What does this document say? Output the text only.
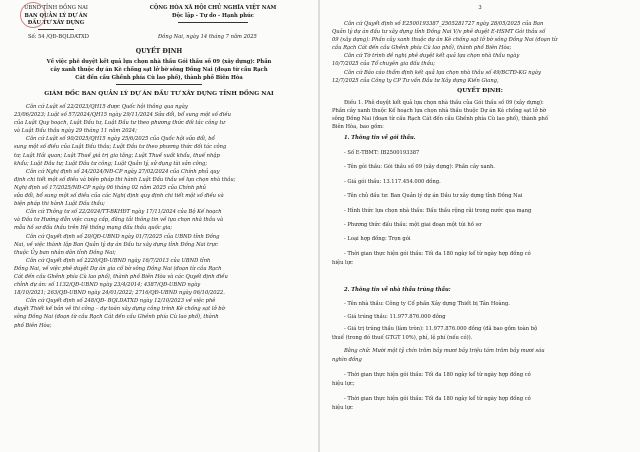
UBND TỈNH ĐỒNG NAI
BAN QUẢN LÝ DỰ ÁN
ĐẦU TƯ XÂY DỰNG
CỘNG HÒA XÃ HỘI CHỦ NGHĨA VIỆT NAM
Độc lập - Tự do - Hạnh phúc
Số: 54 /QĐ-BQLDATXD	Đồng Nai, ngày 14 tháng 7 năm 2025
QUYẾT ĐỊNH
Về việc phê duyệt kết quả lựa chọn nhà thầu Gói thầu số 09 (xây dựng): Phần
cây xanh thuộc dự án Kè chống sạt lở bờ sông Đồng Nai (đoạn từ cầu Rạch
Cát đến cầu Ghềnh phía Cù lao phố), thành phố Biên Hòa
GIÁM ĐỐC BAN QUẢN LÝ DỰ ÁN ĐẦU TƯ XÂY DỰNG TỈNH ĐỒNG NAI
Căn cứ Luật số 22/2023/QH15 được Quốc hội thông qua ngày
23/06/2023; Luật số 57/2024/QH15 ngày 29/11/2024 Sửa đổi, bổ sung một số điều
của Luật Quy hoạch, Luật Đầu tư, Luật Đầu tư theo phương thức đối tác công tư
và Luật Đấu thầu ngày 29 tháng 11 năm 2024;
Căn cứ Luật số 90/2025/QH15 ngày 25/6/2025 của Quốc hội sửa đổi, bổ
sung một số điều của Luật Đấu thầu; Luật Đầu tư theo phương thức đối tác công
tư; Luật Hải quan; Luật Thuế giá trị gia tăng; Luật Thuế xuất khẩu, thuế nhập
khẩu; Luật Đầu tư; Luật Đầu tư công; Luật Quản lý, sử dụng tài sản công;
Căn cứ Nghị định số 24/2024/NĐ-CP ngày 27/02/2024 của Chính phủ quy
định chi tiết một số điều và biện pháp thi hành Luật Đấu thầu về lựa chọn nhà thầu;
Nghị định số 17/2025/NĐ-CP ngày 06 tháng 02 năm 2025 của Chính phủ
sửa đổi, bổ sung một số điều của các Nghị định quy định chi tiết một số điều và
biện pháp thi hành Luật Đấu thầu;
Căn cứ Thông tư số 22/2024/TT-BKHĐT ngày 17/11/2024 của Bộ Kế hoạch
và Đầu tư Hướng dẫn việc cung cấp, đăng tải thông tin về lựa chọn nhà thầu và
mẫu hồ sơ đấu thầu trên Hệ thống mạng đấu thầu quốc gia;
Căn cứ Quyết định số 20/QĐ-UBND ngày 01/7/2025 của UBND tỉnh Đồng
Nai, về việc thành lập Ban Quản lý dự án Đầu tư xây dựng tỉnh Đồng Nai trực
thuộc Ủy ban nhân dân tỉnh Đồng Nai;
Căn cứ Quyết định số 2220/QĐ-UBND ngày 16/7/2013 của UBND tỉnh
Đồng Nai, về việc phê duyệt Dự án gia cố bờ sông Đồng Nai (đoạn từ cầu Rạch
Cát đến cầu Ghềnh phía Cù lao phố), thành phố Biên Hòa và các Quyết định điều
chỉnh dự án: số 1132/QĐ-UBND ngày 23/4/2014; 4387/QĐ-UBND ngày
18/10/2021; 263/QĐ-UBND ngày 24/01/2022; 2716/QĐ-UBND ngày 06/10/2022.
Căn cứ Quyết định số 248/QĐ- BQLDATXD ngày 12/10/2023 về việc phê
duyệt Thiết kế bản vẽ thi công – dự toán xây dựng công trình Kè chống sạt lở bờ
sông Đồng Nai (đoạn từ cầu Rạch Cát đến cầu Ghềnh phía Cù lao phố), thành
phố Biên Hòa;
3
Căn cứ Quyết định số E2500193387_2505281727 ngày 28/05/2025 của Ban
Quản lý dự án đầu tư xây dựng tỉnh Đồng Nai V/v phê duyệt E-HSMT Gói thầu số
09 (xây dựng): Phần cây xanh thuộc dự án Kè chống sạt lở bờ sông Đồng Nai (đoạn từ
cầu Rạch Cát đến cầu Ghềnh phía Cù lao phố), thành phố Biên Hòa;
Căn cứ Tờ trình đề nghị phê duyệt kết quả lựa chọn nhà thầu ngày
10/7/2025 của Tổ chuyên gia đấu thầu;
Căn cứ Báo cáo thẩm định kết quả lựa chọn nhà thầu số 49/BCTĐ-KG ngày
12/7/2025 của Công ty CP Tư vấn Đầu tư Xây dựng Kiến Giang,
QUYẾT ĐỊNH:
Điều 1. Phê duyệt kết quả lựa chọn nhà thầu của Gói thầu số 09 (xây dựng):
Phần cây xanh thuộc Kế hoạch lựa chọn nhà thầu thuộc Dự án Kè chống sạt lở bờ
sông Đồng Nai (đoạn từ cầu Rạch Cát đến cầu Ghềnh phía Cù lao phố), thành phố
Biên Hòa, bao gồm:
1. Thông tin về gói thầu.
- Số E-TBMT: IB2500193387
- Tên gói thầu: Gói thầu số 09 (xây dựng): Phần cây xanh.
- Giá gói thầu: 13.117.454.000 đồng.
- Tên chủ đầu tư: Ban Quản lý dự án Đầu tư xây dựng tỉnh Đồng Nai
- Hình thức lựa chọn nhà thầu: Đấu thầu rộng rãi trong nước qua mạng
- Phương thức đấu thầu: một giai đoạn một túi hồ sơ
- Loại hợp đồng: Trọn gói
- Thời gian thực hiện gói thầu: Tối đa 180 ngày kể từ ngày hợp đồng có
hiệu lực
2. Thông tin về nhà thầu trúng thầu:
- Tên nhà thầu: Công ty Cổ phần Xây dựng Thiết bị Tân Hoàng.
- Giá trúng thầu: 11.977.876.000 đồng
- Giá trị trúng thầu (làm tròn): 11.977.876.000 đồng (đã bao gồm toàn bộ
thuế (trong đó thuế GTGT 10%), phí, lệ phí (nếu có)).
Bằng chữ: Mười một tỷ chín trăm bảy mươi bảy triệu tám trăm bảy mươi sáu
nghìn đồng
- Thời gian thực hiện gói thầu: Tối đa 180 ngày kể từ ngày hợp đồng có
hiệu lực;
- Thời gian thực hiện gói thầu: Tối đa 180 ngày kể từ ngày hợp đồng có
hiệu lực
